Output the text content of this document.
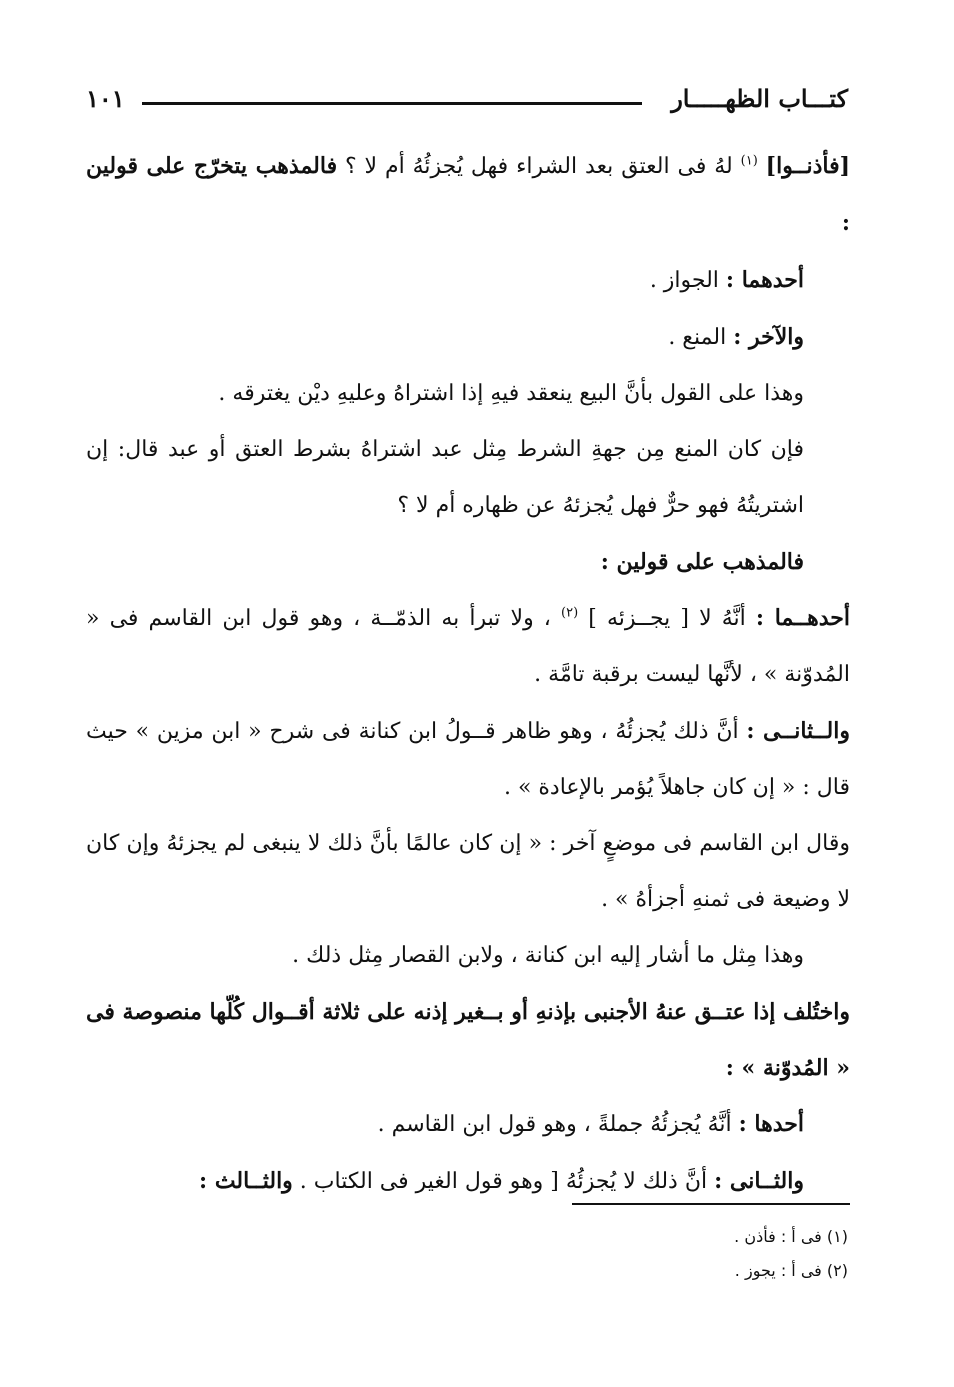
كتـــاب الظهـــــار
١٠١

[فأذنــوا] $^{(١)}$ لهُ فى العتق بعد الشراء فهل يُجزئُهُ أم لا ؟ فالمذهب يتخرّج على قولين :

أحدهما : الجواز .

والآخر : المنع .

وهذا على القول بأنَّ البيع ينعقد فيهِ إذا اشتراهُ وعليهِ ديْن يغترقه .

فإن كان المنع مِن جهةِ الشرط مِثل عبد اشتراهُ بشرط العتق أو عبد قال: إن اشتريتُهُ فهو حرٌّ فهل يُجزئهُ عن ظهاره أم لا ؟

فالمذهب على قولين :

أحدهــما : أنَّهُ لا [ يجــزئه ] $^{(٢)}$ ، ولا تبرأ به الذمّــة ، وهو قول ابن القاسم فى « المُدوّنة » ، لأنَّها ليست برقبة تامَّة .

والــثانــى : أنَّ ذلك يُجزئُهُ ، وهو ظاهر قــولُ ابن كنانة فى شرح « ابن مزين » حيث قال : « إن كان جاهلاً يُؤمر بالإعادة » .

وقال ابن القاسم فى موضعٍ آخر : « إن كان عالمًا بأنَّ ذلك لا ينبغى لم يجزئهُ وإن كان لا وضيعة فى ثمنهِ أجزأهُ » .

وهذا مِثل ما أشار إليه ابن كنانة ، ولابن القصار مِثل ذلك .

واختُلف إذا عتــق عنهُ الأجنبى بإذنهِ أو بــغير إذنه على ثلاثة أقــوال كُلّها منصوصة فى « المُدوّنة » :

أحدها : أنَّهُ يُجزئُهُ جملةً ، وهو قول ابن القاسم .

والثــانى : أنَّ ذلك لا يُجزئُهُ [ وهو قول الغير فى الكتاب . والثــالث :

(١) فى أ : فأذن .

(٢) فى أ : يجوز .
